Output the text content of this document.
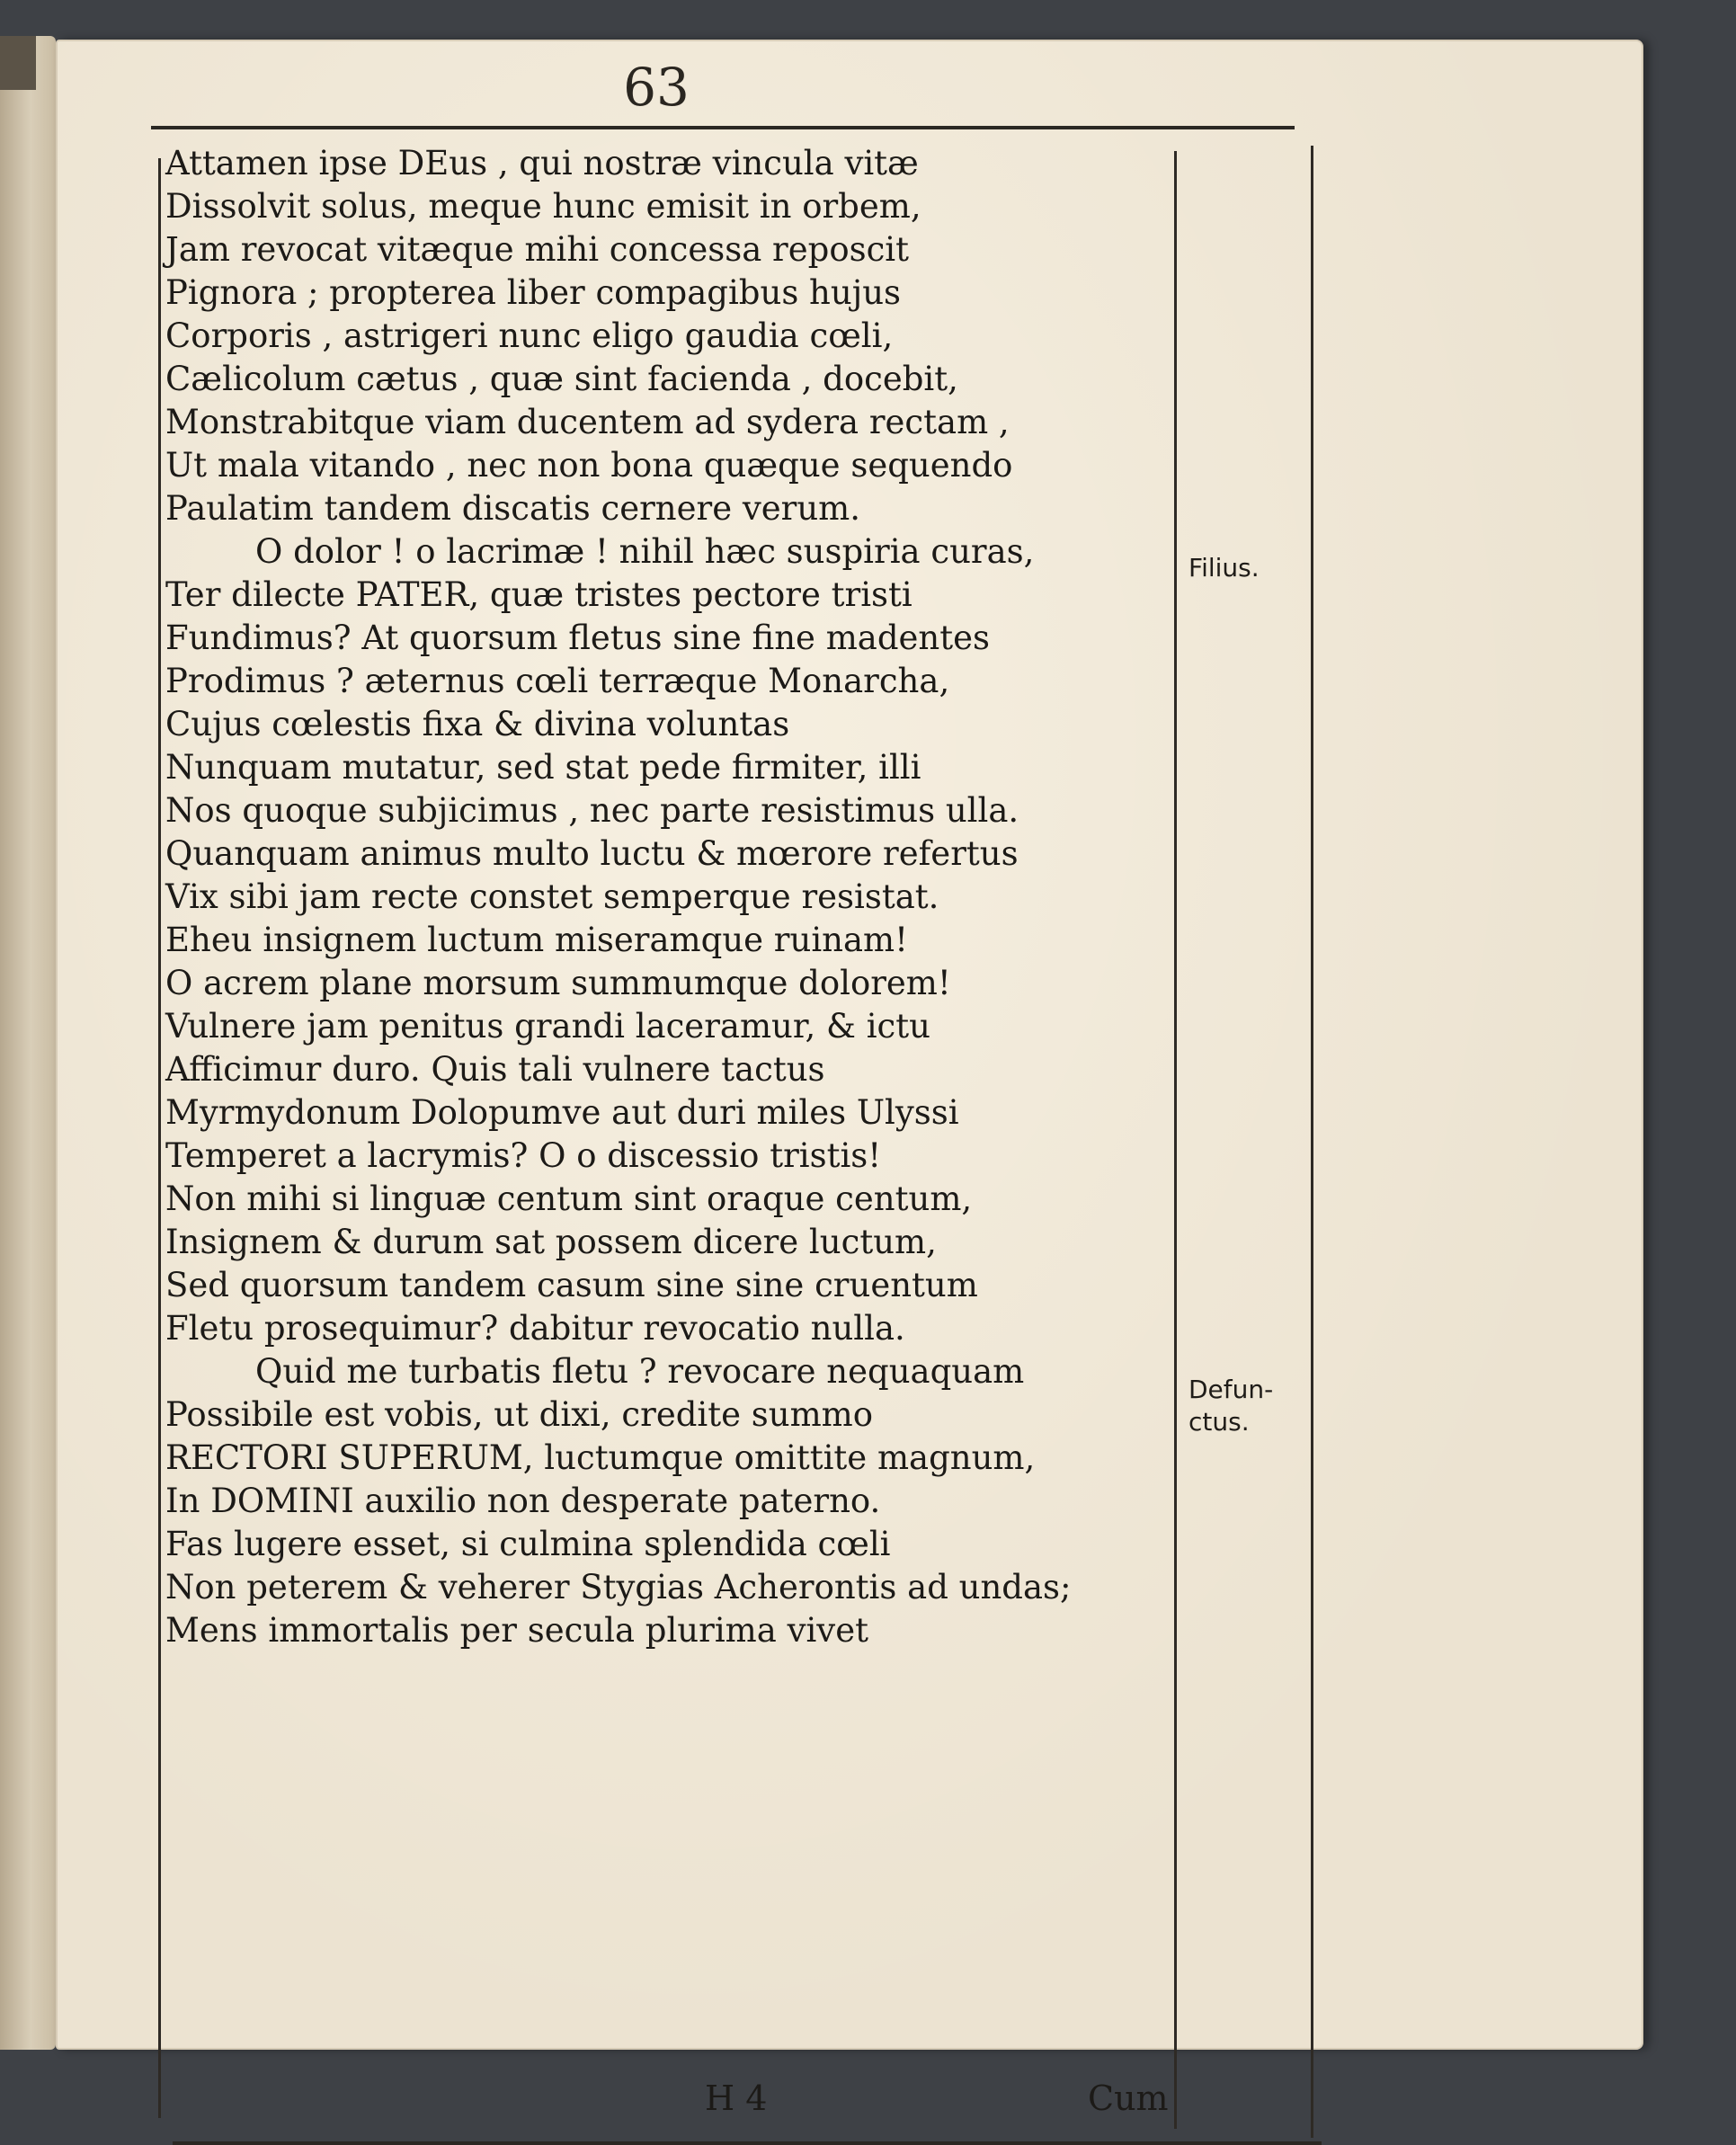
63
Attamen ipse DEus , qui nostræ vincula vitæ
Dissolvit solus, meque hunc emisit in orbem,
Jam revocat vitæque mihi concessa reposcit
Pignora ; propterea liber compagibus hujus
Corporis , astrigeri nunc eligo gaudia cœli,
Cælicolum cætus , quæ sint facienda , docebit,
Monstrabitque viam ducentem ad sydera rectam ,
Ut mala vitando , nec non bona quæque sequendo
Paulatim tandem discatis cernere verum.
O dolor ! o lacrimæ ! nihil hæc suspiria curas,
Ter dilecte PATER, quæ tristes pectore tristi
Fundimus? At quorsum fletus sine fine madentes
Prodimus ? æternus cœli terræque Monarcha,
Cujus cœlestis fixa & divina voluntas
Nunquam mutatur, sed stat pede firmiter, illi
Nos quoque subjicimus , nec parte resistimus ulla.
Quanquam animus multo luctu & mœrore refertus
Vix sibi jam recte constet semperque resistat.
Eheu insignem luctum miseramque ruinam!
O acrem plane morsum summumque dolorem!
Vulnere jam penitus grandi laceramur, & ictu
Afficimur duro. Quis tali vulnere tactus
Myrmydonum Dolopumve aut duri miles Ulyssi
Temperet a lacrymis? O o discessio tristis!
Non mihi si linguæ centum sint oraque centum,
Insignem & durum sat possem dicere luctum,
Sed quorsum tandem casum sine sine cruentum
Fletu prosequimur? dabitur revocatio nulla.
Quid me turbatis fletu ? revocare nequaquam
Possibile est vobis, ut dixi, credite summo
RECTORI SUPERUM, luctumque omittite magnum,
In DOMINI auxilio non desperate paterno.
Fas lugere esset, si culmina splendida cœli
Non peterem & veherer Stygias Acherontis ad undas;
Mens immortalis per secula plurima vivet
Filius.
Defun-
ctus.
H 4	Cum
